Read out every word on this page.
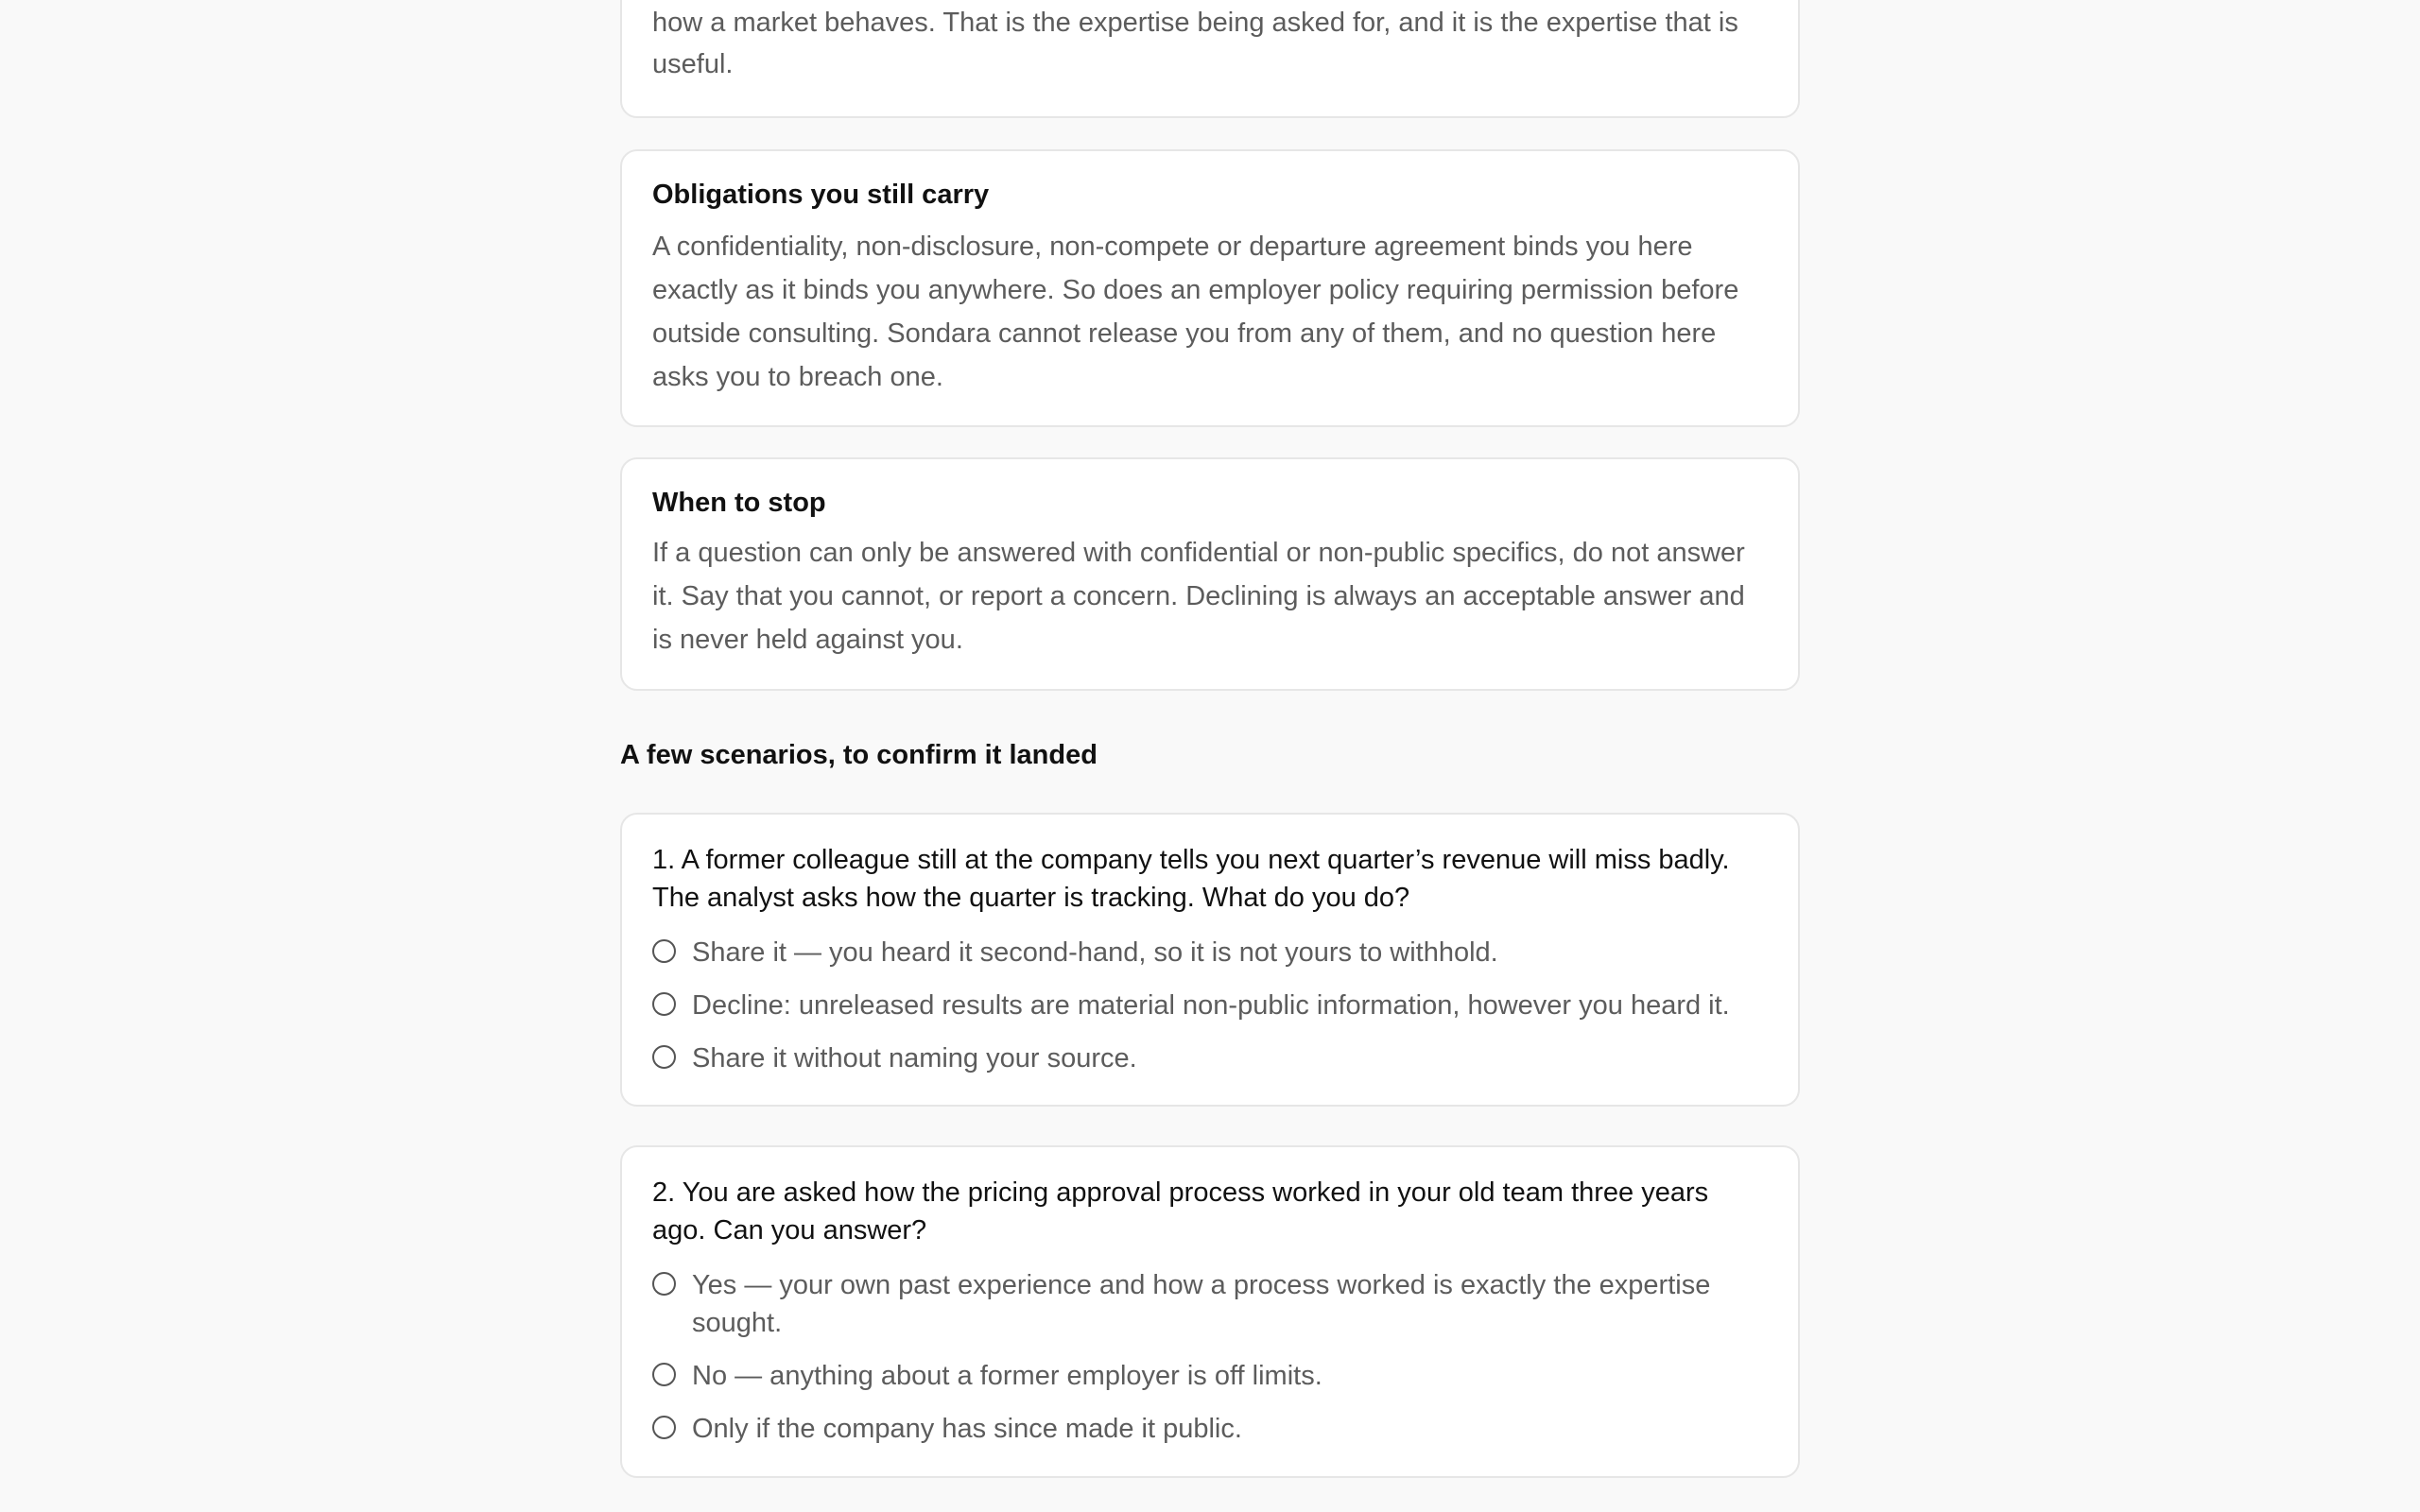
how a market behaves. That is the expertise being asked for, and it is the expertise that is useful.

Obligations you still carry

A confidentiality, non-disclosure, non-compete or departure agreement binds you here exactly as it binds you anywhere. So does an employer policy requiring permission before outside consulting. Sondara cannot release you from any of them, and no question here asks you to breach one.

When to stop

If a question can only be answered with confidential or non-public specifics, do not answer it. Say that you cannot, or report a concern. Declining is always an acceptable answer and is never held against you.

A few scenarios, to confirm it landed

1. A former colleague still at the company tells you next quarter’s revenue will miss badly. The analyst asks how the quarter is tracking. What do you do?

Share it — you heard it second-hand, so it is not yours to withhold.
Decline: unreleased results are material non-public information, however you heard it.
Share it without naming your source.

2. You are asked how the pricing approval process worked in your old team three years ago. Can you answer?

Yes — your own past experience and how a process worked is exactly the expertise sought.
No — anything about a former employer is off limits.
Only if the company has since made it public.
